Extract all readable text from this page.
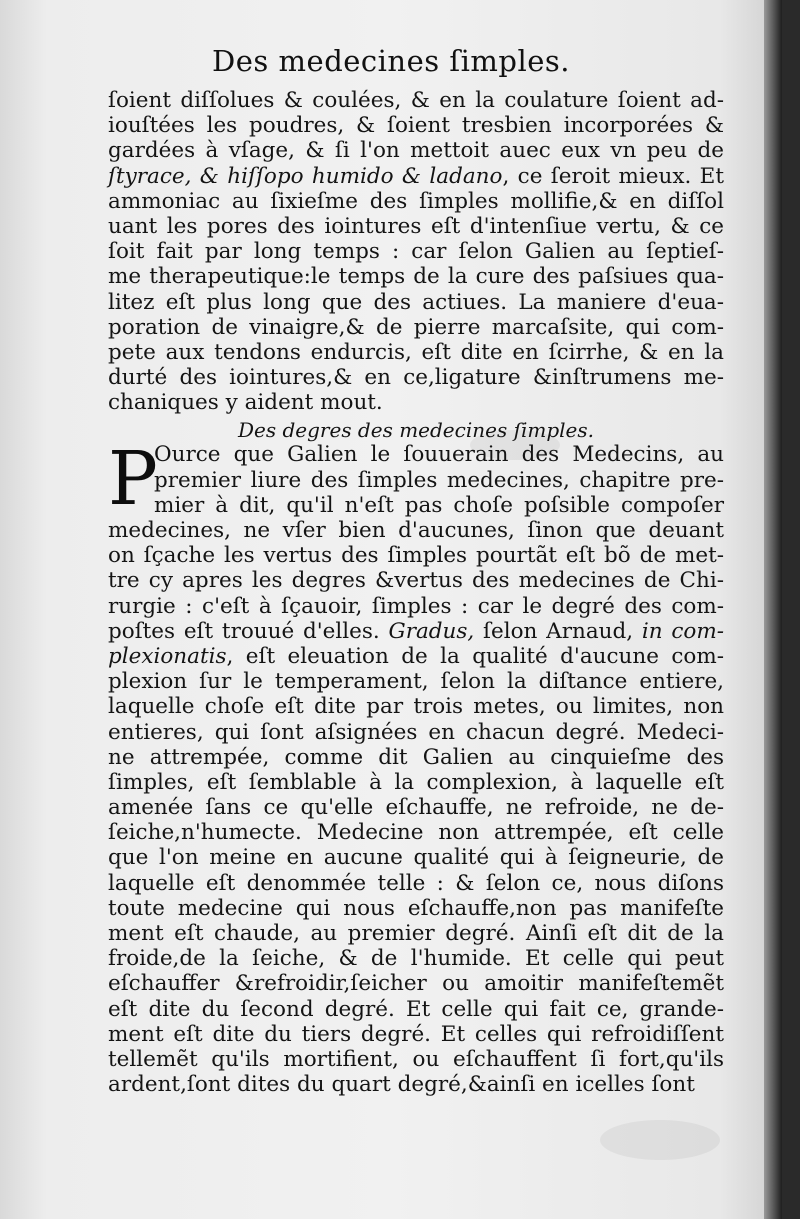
Des medecines ſimples.
ſoient diſſolues & coulées, & en la coulature ſoient ad-
iouſtées les poudres, & ſoient tresbien incorporées &
gardées à vſage, & ſi l'on mettoit auec eux vn peu de
ſtyrace, & hiſſopo humido & ladano, ce ſeroit mieux. Et
ammoniac au ſixieſme des ſimples mollifie,& en diſſol
uant les pores des iointures eſt d'intenſiue vertu, & ce
ſoit fait par long temps : car ſelon Galien au ſeptieſ-
me therapeutique:le temps de la cure des paſsiues qua-
litez eſt plus long que des actiues. La maniere d'eua-
poration de vinaigre,& de pierre marcaſsite, qui com-
pete aux tendons endurcis, eſt dite en ſcirrhe, & en la
durté des iointures,& en ce,ligature &inſtrumens me-
chaniques y aident mout.
Des degres des medecines ſimples.
P
Ource que Galien le ſouuerain des Medecins, au
premier liure des ſimples medecines, chapitre pre-
mier à dit, qu'il n'eſt pas choſe poſsible compoſer
medecines, ne vſer bien d'aucunes, ſinon que deuant
on ſçache les vertus des ſimples pourtãt eſt bõ de met-
tre cy apres les degres &vertus des medecines de Chi-
rurgie : c'eſt à ſçauoir, ſimples : car le degré des com-
poſtes eſt trouué d'elles. Gradus, ſelon Arnaud, in com-
plexionatis, eſt eleuation de la qualité d'aucune com-
plexion ſur le temperament, ſelon la diſtance entiere,
laquelle choſe eſt dite par trois metes, ou limites, non
entieres, qui ſont aſsignées en chacun degré. Medeci-
ne attrempée, comme dit Galien au cinquieſme des
ſimples, eſt ſemblable à la complexion, à laquelle eſt
amenée ſans ce qu'elle eſchauffe, ne refroide, ne de-
ſeiche,n'humecte. Medecine non attrempée, eſt celle
que l'on meine en aucune qualité qui à ſeigneurie, de
laquelle eſt denommée telle : & ſelon ce, nous diſons
toute medecine qui nous eſchauffe,non pas manifeſte
ment eſt chaude, au premier degré. Ainſi eſt dit de la
froide,de la ſeiche, & de l'humide. Et celle qui peut
eſchauffer &refroidir,ſeicher ou amoitir manifeſtemẽt
eſt dite du ſecond degré. Et celle qui fait ce, grande-
ment eſt dite du tiers degré. Et celles qui refroidiſſent
tellemẽt qu'ils mortifient, ou eſchauffent ſi fort,qu'ils
ardent,ſont dites du quart degré,&ainſi en icelles ſont
